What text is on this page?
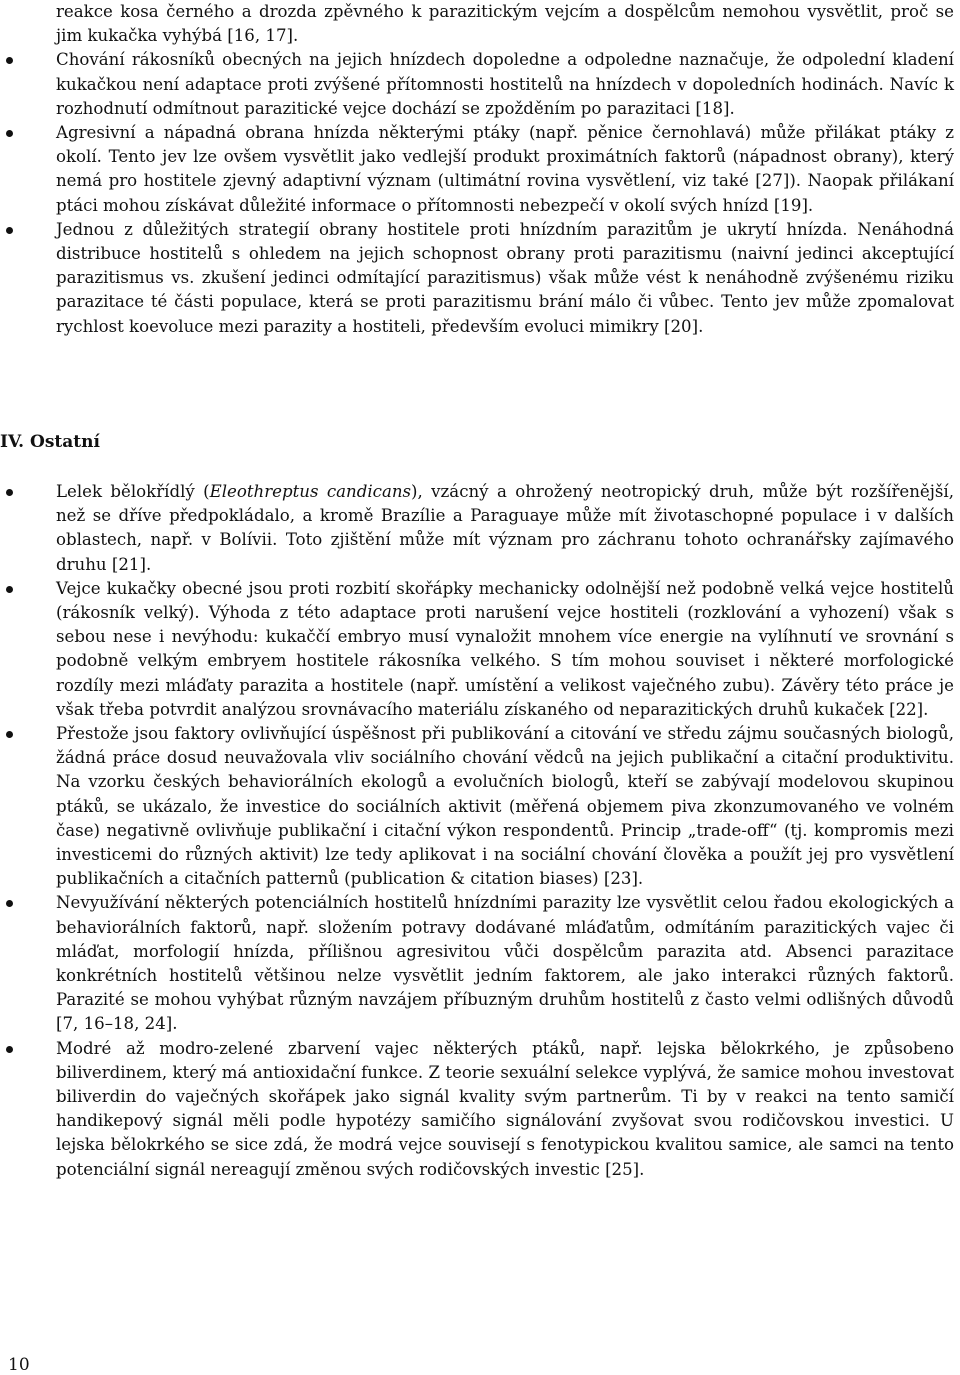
reakce kosa černého a drozda zpěvného k parazitickým vejcím a dospělcům nemohou vysvětlit, proč se jim kukačka vyhýbá [16, 17].
Chování rákosníků obecných na jejich hnízdech dopoledne a odpoledne naznačuje, že odpolední kladení kukačkou není adaptace proti zvýšené přítomnosti hostitelů na hnízdech v dopoledních hodinách. Navíc k rozhodnutí odmítnout parazitické vejce dochází se zpožděním po parazitaci [18].
Agresivní a nápadná obrana hnízda některými ptáky (např. pěnice černohlavá) může přilákat ptáky z okolí. Tento jev lze ovšem vysvětlit jako vedlejší produkt proximátních faktorů (nápadnost obrany), který nemá pro hostitele zjevný adaptivní význam (ultimátní rovina vysvětlení, viz také [27]). Naopak přilákaní ptáci mohou získávat důležité informace o přítomnosti nebezpečí v okolí svých hnízd [19].
Jednou z důležitých strategií obrany hostitele proti hnízdním parazitům je ukrytí hnízda. Nenáhodná distribuce hostitelů s ohledem na jejich schopnost obrany proti parazitismu (naivní jedinci akceptující parazitismus vs. zkušení jedinci odmítající parazitismus) však může vést k nenáhodně zvýšenému riziku parazitace té části populace, která se proti parazitismu brání málo či vůbec. Tento jev může zpomalovat rychlost koevoluce mezi parazity a hostiteli, především evoluci mimikry [20].
IV. Ostatní
Lelek bělokřídlý (Eleothreptus candicans), vzácný a ohrožený neotropický druh, může být rozšířenější, než se dříve předpokládalo, a kromě Brazílie a Paraguaye může mít životaschopné populace i v dalších oblastech, např. v Bolívii. Toto zjištění může mít význam pro záchranu tohoto ochranářsky zajímavého druhu [21].
Vejce kukačky obecné jsou proti rozbití skořápky mechanicky odolnější než podobně velká vejce hostitelů (rákosník velký). Výhoda z této adaptace proti narušení vejce hostiteli (rozklování a vyhození) však s sebou nese i nevýhodu: kukaččí embryo musí vynaložit mnohem více energie na vylíhnutí ve srovnání s podobně velkým embryem hostitele rákosníka velkého. S tím mohou souviset i některé morfologické rozdíly mezi mláďaty parazita a hostitele (např. umístění a velikost vaječného zubu). Závěry této práce je však třeba potvrdit analýzou srovnávacího materiálu získaného od neparazitických druhů kukaček [22].
Přestože jsou faktory ovlivňující úspěšnost při publikování a citování ve středu zájmu současných biologů, žádná práce dosud neuvažovala vliv sociálního chování vědců na jejich publikační a citační produktivitu. Na vzorku českých behaviorálních ekologů a evolučních biologů, kteří se zabývají modelovou skupinou ptáků, se ukázalo, že investice do sociálních aktivit (měřená objemem piva zkonzumovaného ve volném čase) negativně ovlivňuje publikační i citační výkon respondentů. Princip „trade-off“ (tj. kompromis mezi investicemi do různých aktivit) lze tedy aplikovat i na sociální chování člověka a použít jej pro vysvětlení publikačních a citačních patternů (publication & citation biases) [23].
Nevyužívání některých potenciálních hostitelů hnízdními parazity lze vysvětlit celou řadou ekologických a behaviorálních faktorů, např. složením potravy dodávané mláďatům, odmítáním parazitických vajec či mláďat, morfologií hnízda, přílišnou agresivitou vůči dospělcům parazita atd. Absenci parazitace konkrétních hostitelů většinou nelze vysvětlit jedním faktorem, ale jako interakci různých faktorů. Parazité se mohou vyhýbat různým navzájem příbuzným druhům hostitelů z často velmi odlišných důvodů [7, 16–18, 24].
Modré až modro-zelené zbarvení vajec některých ptáků, např. lejska bělokrkého, je způsobeno biliverdinem, který má antioxidační funkce. Z teorie sexuální selekce vyplývá, že samice mohou investovat biliverdin do vaječných skořápek jako signál kvality svým partnerům. Ti by v reakci na tento samičí handikepový signál měli podle hypotézy samičího signálování zvyšovat svou rodičovskou investici. U lejska bělokrkého se sice zdá, že modrá vejce souvisejí s fenotypickou kvalitou samice, ale samci na tento potenciální signál nereagují změnou svých rodičovských investic [25].
10
